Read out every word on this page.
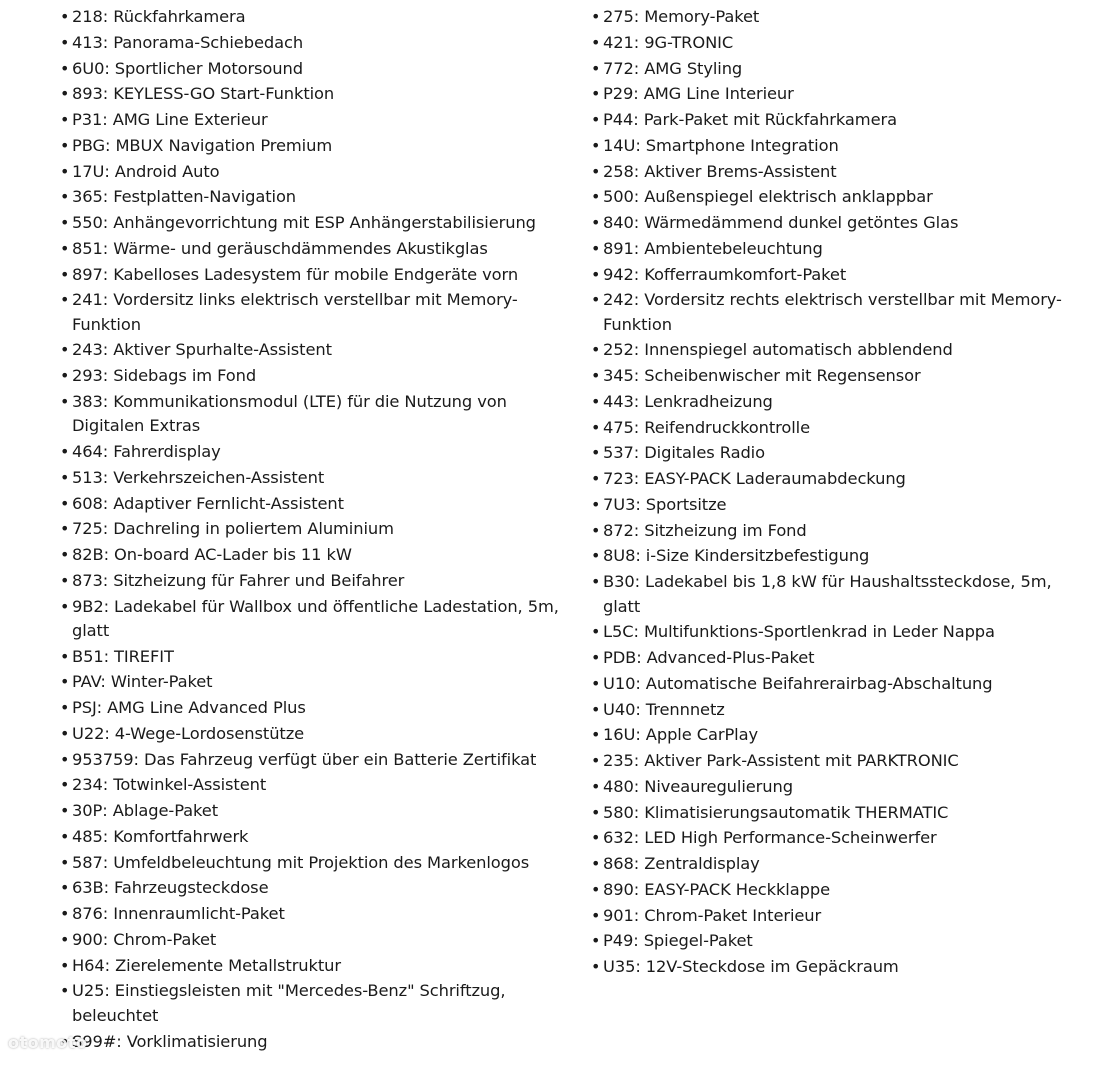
• 218: Rückfahrkamera
• 413: Panorama-Schiebedach
• 6U0: Sportlicher Motorsound
• 893: KEYLESS-GO Start-Funktion
• P31: AMG Line Exterieur
• PBG: MBUX Navigation Premium
• 17U: Android Auto
• 365: Festplatten-Navigation
• 550: Anhängevorrichtung mit ESP Anhängerstabilisierung
• 851: Wärme- und geräuschdämmendes Akustikglas
• 897: Kabelloses Ladesystem für mobile Endgeräte vorn
• 241: Vordersitz links elektrisch verstellbar mit Memory-Funktion
• 243: Aktiver Spurhalte-Assistent
• 293: Sidebags im Fond
• 383: Kommunikationsmodul (LTE) für die Nutzung von Digitalen Extras
• 464: Fahrerdisplay
• 513: Verkehrszeichen-Assistent
• 608: Adaptiver Fernlicht-Assistent
• 725: Dachreling in poliertem Aluminium
• 82B: On-board AC-Lader bis 11 kW
• 873: Sitzheizung für Fahrer und Beifahrer
• 9B2: Ladekabel für Wallbox und öffentliche Ladestation, 5m, glatt
• B51: TIREFIT
• PAV: Winter-Paket
• PSJ: AMG Line Advanced Plus
• U22: 4-Wege-Lordosenstütze
• 953759: Das Fahrzeug verfügt über ein Batterie Zertifikat
• 234: Totwinkel-Assistent
• 30P: Ablage-Paket
• 485: Komfortfahrwerk
• 587: Umfeldbeleuchtung mit Projektion des Markenlogos
• 63B: Fahrzeugsteckdose
• 876: Innenraumlicht-Paket
• 900: Chrom-Paket
• H64: Zierelemente Metallstruktur
• U25: Einstiegsleisten mit "Mercedes-Benz" Schriftzug, beleuchtet
• S99#: Vorklimatisierung
• 275: Memory-Paket
• 421: 9G-TRONIC
• 772: AMG Styling
• P29: AMG Line Interieur
• P44: Park-Paket mit Rückfahrkamera
• 14U: Smartphone Integration
• 258: Aktiver Brems-Assistent
• 500: Außenspiegel elektrisch anklappbar
• 840: Wärmedämmend dunkel getöntes Glas
• 891: Ambientebeleuchtung
• 942: Kofferraumkomfort-Paket
• 242: Vordersitz rechts elektrisch verstellbar mit Memory-Funktion
• 252: Innenspiegel automatisch abblendend
• 345: Scheibenwischer mit Regensensor
• 443: Lenkradheizung
• 475: Reifendruckkontrolle
• 537: Digitales Radio
• 723: EASY-PACK Laderaumabdeckung
• 7U3: Sportsitze
• 872: Sitzheizung im Fond
• 8U8: i-Size Kindersitzbefestigung
• B30: Ladekabel bis 1,8 kW für Haushaltssteckdose, 5m, glatt
• L5C: Multifunktions-Sportlenkrad in Leder Nappa
• PDB: Advanced-Plus-Paket
• U10: Automatische Beifahrerairbag-Abschaltung
• U40: Trennnetz
• 16U: Apple CarPlay
• 235: Aktiver Park-Assistent mit PARKTRONIC
• 480: Niveauregulierung
• 580: Klimatisierungsautomatik THERMATIC
• 632: LED High Performance-Scheinwerfer
• 868: Zentraldisplay
• 890: EASY-PACK Heckklappe
• 901: Chrom-Paket Interieur
• P49: Spiegel-Paket
• U35: 12V-Steckdose im Gepäckraum
otomoto
